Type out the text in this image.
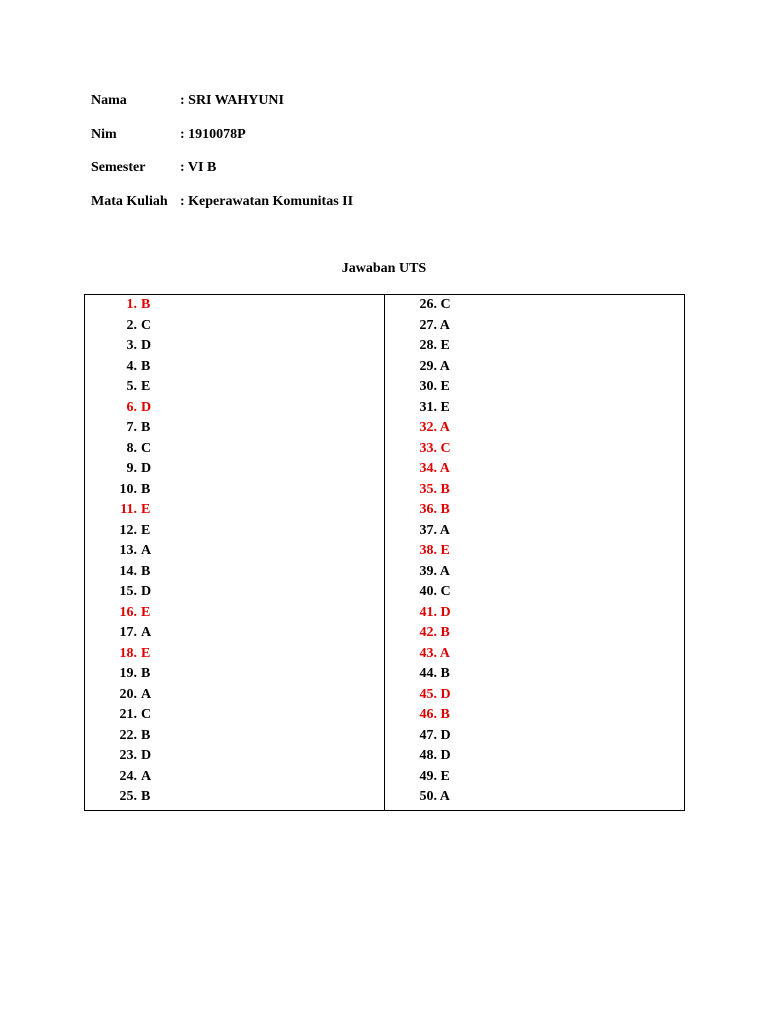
Nama	: SRI WAHYUNI
Nim	: 1910078P
Semester	: VI B
Mata Kuliah : Keperawatan Komunitas II
Jawaban UTS
1. B
2. C
3. D
4. B
5. E
6. D
7. B
8. C
9. D
10. B
11. E
12. E
13. A
14. B
15. D
16. E
17. A
18. E
19. B
20. A
21. C
22. B
23. D
24. A
25. B

26. C
27. A
28. E
29. A
30. E
31. E
32. A
33. C
34. A
35. B
36. B
37. A
38. E
39. A
40. C
41. D
42. B
43. A
44. B
45. D
46. B
47. D
48. D
49. E
50. A
